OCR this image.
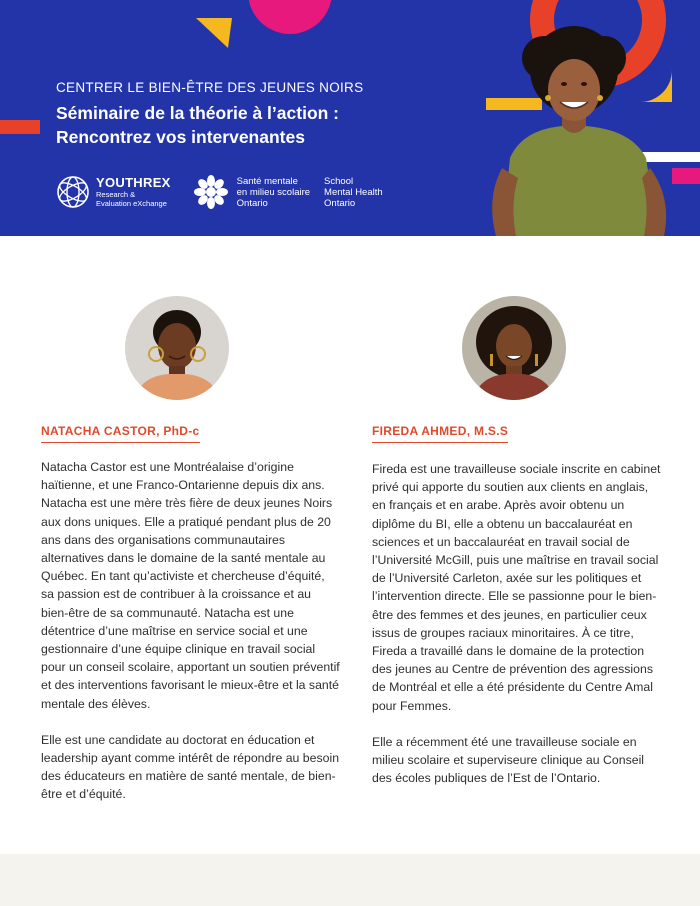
CENTRER LE BIEN-ÊTRE DES JEUNES NOIRS
Séminaire de la théorie à l’action :
Rencontrez vos intervenantes
YOUTHREX
Research &
Evaluation eXchange
Santé mentale
en milieu scolaire
Ontario
School
Mental Health
Ontario
NATACHA CASTOR, PhD-c

Natacha Castor est une Montréalaise d’origine haïtienne, et une Franco-Ontarienne depuis dix ans. Natacha est une mère très fière de deux jeunes Noirs aux dons uniques. Elle a pratiqué pendant plus de 20 ans dans des organisations communautaires alternatives dans le domaine de la santé mentale au Québec. En tant qu’activiste et chercheuse d’équité, sa passion est de contribuer à la croissance et au bien-être de sa communauté. Natacha est une détentrice d’une maîtrise en service social et une gestionnaire d’une équipe clinique en travail social pour un conseil scolaire, apportant un soutien préventif et des interventions favorisant le mieux-être et la santé mentale des élèves.

Elle est une candidate au doctorat en éducation et leadership ayant comme intérêt de répondre au besoin des éducateurs en matière de santé mentale, de bien-être et d’équité.

FIREDA AHMED, M.S.S

Fireda est une travailleuse sociale inscrite en cabinet privé qui apporte du soutien aux clients en anglais, en français et en arabe. Après avoir obtenu un diplôme du BI, elle a obtenu un baccalauréat en sciences et un baccalauréat en travail social de l’Université McGill, puis une maîtrise en travail social de l’Université Carleton, axée sur les politiques et l’intervention directe. Elle se passionne pour le bien-être des femmes et des jeunes, en particulier ceux issus de groupes raciaux minoritaires. À ce titre, Fireda a travaillé dans le domaine de la protection des jeunes au Centre de prévention des agressions de Montréal et elle a été présidente du Centre Amal pour Femmes.

Elle a récemment été une travailleuse sociale en milieu scolaire et superviseure clinique au Conseil des écoles publiques de l’Est de l’Ontario.
